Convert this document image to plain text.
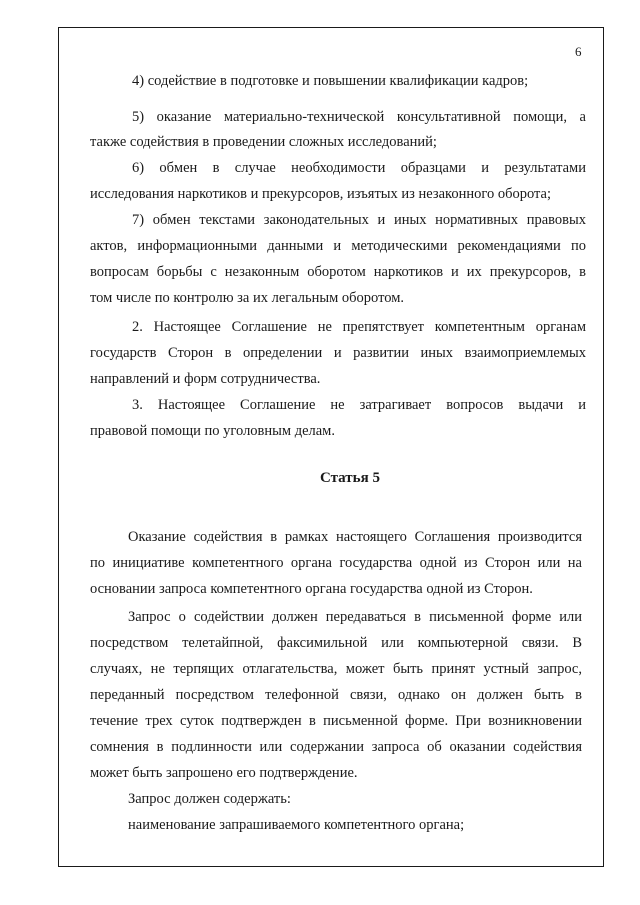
6
4) содействие в подготовке и повышении квалификации кадров;
5) оказание материально-технической консультативной помощи, а
также содействия в проведении сложных исследований;
6) обмен в случае необходимости образцами и результатами
исследования наркотиков и прекурсоров, изъятых из незаконного оборота;
7) обмен текстами законодательных и иных нормативных правовых
актов, информационными данными и методическими рекомендациями по
вопросам борьбы с незаконным оборотом наркотиков и их прекурсоров, в
том числе по контролю за их легальным оборотом.
2. Настоящее Соглашение не препятствует компетентным органам
государств Сторон в определении и развитии иных взаимоприемлемых
направлений и форм сотрудничества.
3. Настоящее Соглашение не затрагивает вопросов выдачи и
правовой помощи по уголовным делам.
Статья 5
Оказание содействия в рамках настоящего Соглашения производится
по инициативе компетентного органа государства одной из Сторон или на
основании запроса компетентного органа государства одной из Сторон.
Запрос о содействии должен передаваться в письменной форме или
посредством телетайпной, факсимильной или компьютерной связи. В
случаях, не терпящих отлагательства, может быть принят устный запрос,
переданный посредством телефонной связи, однако он должен быть в
течение трех суток подтвержден в письменной форме. При возникновении
сомнения в подлинности или содержании запроса об оказании содействия
может быть запрошено его подтверждение.
Запрос должен содержать:
наименование запрашиваемого компетентного органа;
